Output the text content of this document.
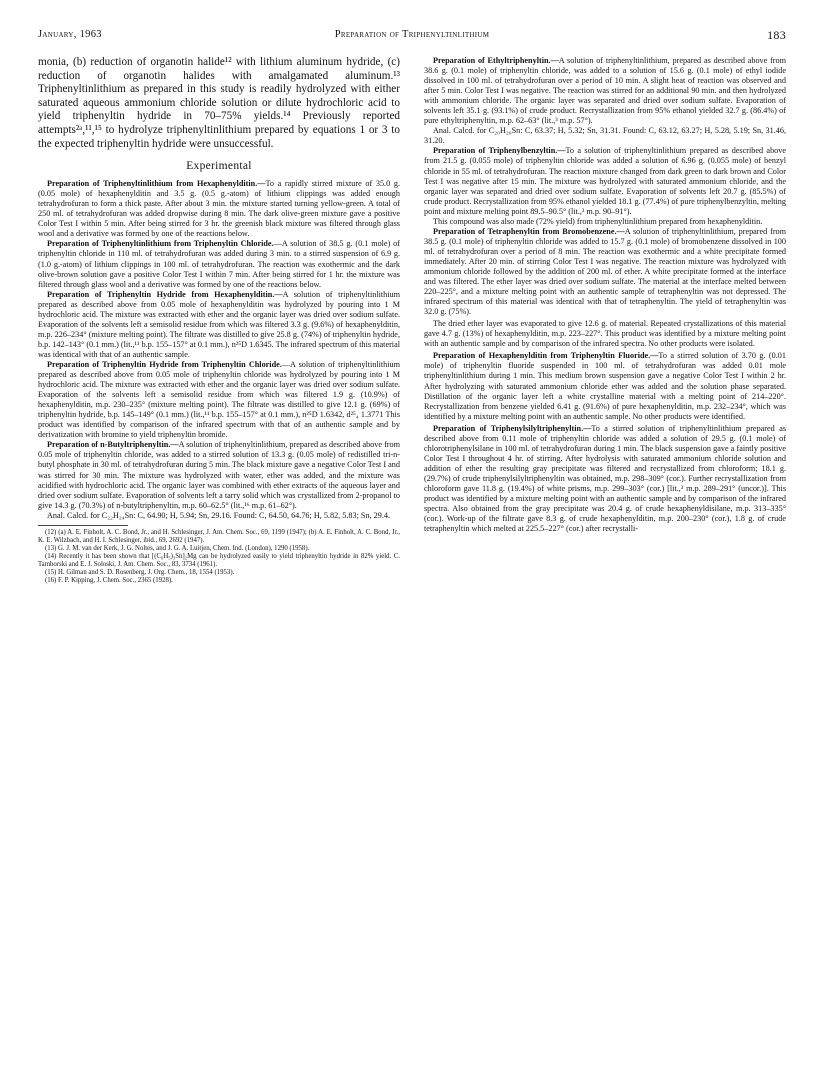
January, 1963	Preparation of Triphenyltinlithium	183

monia, (b) reduction of organotin halide¹² with lithium aluminum hydride, (c) reduction of organotin halides with amalgamated aluminum.¹³ Triphenyltinlithium as prepared in this study is readily hydrolyzed with either saturated aqueous ammonium chloride solution or dilute hydrochloric acid to yield triphenyltin hydride in 70–75% yields.¹⁴ Previously reported attempts²ᵃ,¹¹,¹⁵ to hydrolyze triphenyltinlithium prepared by equations 1 or 3 to the expected triphenyltin hydride were unsuccessful.

Experimental

Preparation of Triphenyltinlithium from Hexaphenylditin.—To a rapidly stirred mixture of 35.0 g. (0.05 mole) of hexaphenylditin and 3.5 g. (0.5 g.-atom) of lithium clippings was added enough tetrahydrofuran to form a thick paste. After about 3 min. the mixture started turning yellow-green. A total of 250 ml. of tetrahydrofuran was added dropwise during 8 min. The dark olive-green mixture gave a positive Color Test I within 5 min. After being stirred for 3 hr. the greenish black mixture was filtered through glass wool and a derivative was formed by one of the reactions below.

Preparation of Triphenyltinlithium from Triphenyltin Chloride.—A solution of 38.5 g. (0.1 mole) of triphenyltin chloride in 110 ml. of tetrahydrofuran was added during 3 min. to a stirred suspension of 6.9 g. (1.0 g.-atom) of lithium clippings in 100 ml. of tetrahydrofuran. The reaction was exothermic and the dark olive-brown solution gave a positive Color Test I within 7 min. After being stirred for 1 hr. the mixture was filtered through glass wool and a derivative was formed by one of the reactions below.

Preparation of Triphenyltin Hydride from Hexaphenylditin.—A solution of triphenyltinlithium prepared as described above from 0.05 mole of hexaphenylditin was hydrolyzed by pouring into 1 M hydrochloric acid. The mixture was extracted with ether and the organic layer was dried over sodium sulfate. Evaporation of the solvents left a semisolid residue from which was filtered 3.3 g. (9.6%) of hexaphenylditin, m.p. 226–234° (mixture melting point). The filtrate was distilled to give 25.8 g. (74%) of triphenyltin hydride, b.p. 142–143° (0.1 mm.) (lit.,¹¹ b.p. 155–157° at 0.1 mm.), n²⁵D 1.6345. The infrared spectrum of this material was identical with that of an authentic sample.

Preparation of Triphenyltin Hydride from Triphenyltin Chloride.—A solution of triphenyltinlithium prepared as described above from 0.05 mole of triphenyltin chloride was hydrolyzed by pouring into 1 M hydrochloric acid. The mixture was extracted with ether and the organic layer was dried over sodium sulfate. Evaporation of the solvents left a semisolid residue from which was filtered 1.9 g. (10.9%) of hexaphenylditin, m.p. 230–235° (mixture melting point). The filtrate was distilled to give 12.1 g. (69%) of triphenyltin hydride, b.p. 145–149° (0.1 mm.) (lit.,¹¹ b.p. 155–157° at 0.1 mm.), n²⁵D 1.6342, d²⁵₄ 1.3771 This product was identified by comparison of the infrared spectrum with that of an authentic sample and by derivatization with bromine to yield triphenyltin bromide.

Preparation of n-Butyltriphenyltin.—A solution of triphenyltinlithium, prepared as described above from 0.05 mole of triphenyltin chloride, was added to a stirred solution of 13.3 g. (0.05 mole) of redistilled tri-n-butyl phosphate in 30 ml. of tetrahydrofuran during 5 min. The black mixture gave a negative Color Test I and was stirred for 30 min. The mixture was hydrolyzed with water, ether was added, and the mixture was acidified with hydrochloric acid. The organic layer was combined with ether extracts of the aqueous layer and dried over sodium sulfate. Evaporation of solvents left a tarry solid which was crystallized from 2-propanol to give 14.3 g. (70.3%) of n-butyltriphenyltin, m.p. 60–62.5° (lit.,¹⁶ m.p. 61–62°).

Anal. Calcd. for C₂₂H₂₄Sn: C, 64.90; H, 5.94; Sn, 29.16. Found: C, 64.50, 64.76; H, 5.82, 5.83; Sn, 29.4.

(12) (a) A. E. Finholt, A. C. Bond, Jr., and H. Schlesinger, J. Am. Chem. Soc., 69, 1199 (1947); (b) A. E. Finholt, A. C. Bond, Jr., K. E. Wilzbach, and H. I. Schlesinger, ibid., 69, 2692 (1947).

(13) G. J. M. van der Kerk, J. G. Noltes, and J. G. A. Luitjen, Chem. Ind. (London), 1290 (1958).

(14) Recently it has been shown that [(C₆H₅)₃Sn]₂Mg can be hydrolyzed easily to yield triphenyltin hydride in 82% yield. C. Tamborski and E. J. Soloski, J. Am. Chem. Soc., 83, 3734 (1961).

(15) H. Gilman and S. D. Rosenberg, J. Org. Chem., 18, 1554 (1953).

(16) F. P. Kipping, J. Chem. Soc., 2365 (1928).

Preparation of Ethyltriphenyltin.—A solution of triphenyltinlithium, prepared as described above from 38.6 g. (0.1 mole) of triphenyltin chloride, was added to a solution of 15.6 g. (0.1 mole) of ethyl iodide dissolved in 100 ml. of tetrahydrofuran over a period of 10 min. A slight heat of reaction was observed and after 5 min. Color Test I was negative. The reaction was stirred for an additional 90 min. and then hydrolyzed with ammonium chloride. The organic layer was separated and dried over sodium sulfate. Evaporation of solvents left 35.1 g. (93.1%) of crude product. Recrystallization from 95% ethanol yielded 32.7 g. (86.4%) of pure ethyltriphenyltin, m.p. 62–63° (lit.,³ m.p. 57°).

Anal. Calcd. for C₂₀H₂₀Sn: C, 63.37; H, 5.32; Sn, 31.31. Found: C, 63.12, 63.27; H, 5.28, 5.19; Sn, 31.46, 31.20.

Preparation of Triphenylbenzyltin.—To a solution of triphenyltinlithium prepared as described above from 21.5 g. (0.055 mole) of triphenyltin chloride was added a solution of 6.96 g. (0.055 mole) of benzyl chloride in 55 ml. of tetrahydrofuran. The reaction mixture changed from dark green to dark brown and Color Test I was negative after 15 min. The mixture was hydrolyzed with saturated ammonium chloride, and the organic layer was separated and dried over sodium sulfate. Evaporation of solvents left 20.7 g. (85.5%) of crude product. Recrystallization from 95% ethanol yielded 18.1 g. (77.4%) of pure triphenylbenzyltin, melting point and mixture melting point 89.5–90.5° (lit.,³ m.p. 90–91°).

This compound was also made (72% yield) from triphenyltinlithium prepared from hexaphenylditin.

Preparation of Tetraphenyltin from Bromobenzene.—A solution of triphenyltinlithium, prepared from 38.5 g. (0.1 mole) of triphenyltin chloride was added to 15.7 g. (0.1 mole) of bromobenzene dissolved in 100 ml. of tetrahydrofuran over a period of 8 min. The reaction was exothermic and a white precipitate formed immediately. After 20 min. of stirring Color Test I was negative. The reaction mixture was hydrolyzed with ammonium chloride followed by the addition of 200 ml. of ether. A white precipitate formed at the interface and was filtered. The ether layer was dried over sodium sulfate. The material at the interface melted between 220–225°, and a mixture melting point with an authentic sample of tetraphenyltin was not depressed. The infrared spectrum of this material was identical with that of tetraphenyltin. The yield of tetraphenyltin was 32.0 g. (75%).

The dried ether layer was evaporated to give 12.6 g. of material. Repeated crystallizations of this material gave 4.7 g. (13%) of hexaphenylditin, m.p. 223–227°. This product was identified by a mixture melting point with an authentic sample and by comparison of the infrared spectra. No other products were isolated.

Preparation of Hexaphenylditin from Triphenyltin Fluoride.—To a stirred solution of 3.70 g. (0.01 mole) of triphenyltin fluoride suspended in 100 ml. of tetrahydrofuran was added 0.01 mole triphenyltinlithium during 1 min. This medium brown suspension gave a negative Color Test I within 2 hr. After hydrolyzing with saturated ammonium chloride ether was added and the solution phase separated. Distillation of the organic layer left a white crystalline material with a melting point of 214–220°. Recrystallization from benzene yielded 6.41 g. (91.6%) of pure hexaphenylditin, m.p. 232–234°, which was identified by a mixture melting point with an authentic sample. No other products were identified.

Preparation of Triphenylsilyltriphenyltin.—To a stirred solution of triphenyltinlithium prepared as described above from 0.11 mole of triphenyltin chloride was added a solution of 29.5 g. (0.1 mole) of chlorotriphenylsilane in 100 ml. of tetrahydrofuran during 1 min. The black suspension gave a faintly positive Color Test I throughout 4 hr. of stirring. After hydrolysis with saturated ammonium chloride solution and addition of ether the resulting gray precipitate was filtered and recrystallized from chloroform; 18.1 g. (29.7%) of crude triphenylsilyltriphenyltin was obtained, m.p. 298–309° (cor.). Further recrystallization from chloroform gave 11.8 g. (19.4%) of white prisms, m.p. 299–303° (cor.) [lit.,³ m.p. 289–291° (uncor.)]. This product was identified by a mixture melting point with an authentic sample and by comparison of the infrared spectra. Also obtained from the gray precipitate was 20.4 g. of crude hexaphenyldisilane, m.p. 313–335° (cor.). Work-up of the filtrate gave 8.3 g. of crude hexaphenylditin, m.p. 200–230° (cor.), 1.8 g. of crude tetraphenyltin which melted at 225.5–227° (cor.) after recrystalli-
